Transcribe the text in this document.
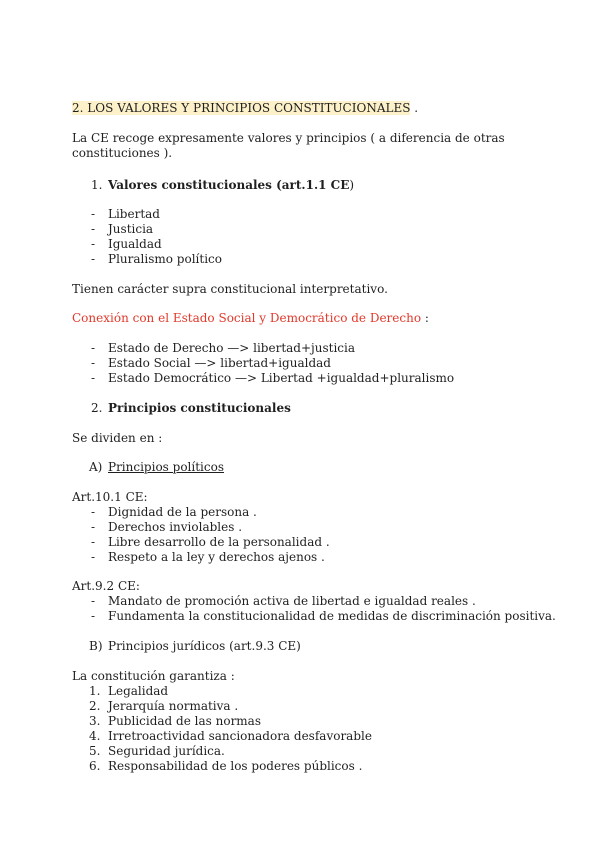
2. LOS VALORES Y PRINCIPIOS CONSTITUCIONALES .
La CE recoge expresamente valores y principios ( a diferencia de otras
constituciones ).
1. Valores constitucionales (art.1.1 CE)
- Libertad
- Justicia
- Igualdad
- Pluralismo político
Tienen carácter supra constitucional interpretativo.
Conexión con el Estado Social y Democrático de Derecho :
- Estado de Derecho —> libertad+justicia
- Estado Social —> libertad+igualdad
- Estado Democrático —> Libertad +igualdad+pluralismo
2. Principios constitucionales
Se dividen en :
A) Principios políticos
Art.10.1 CE:
- Dignidad de la persona .
- Derechos inviolables .
- Libre desarrollo de la personalidad .
- Respeto a la ley y derechos ajenos .
Art.9.2 CE:
- Mandato de promoción activa de libertad e igualdad reales .
- Fundamenta la constitucionalidad de medidas de discriminación positiva.
B) Principios jurídicos (art.9.3 CE)
La constitución garantiza :
1. Legalidad
2. Jerarquía normativa .
3. Publicidad de las normas
4. Irretroactividad sancionadora desfavorable
5. Seguridad jurídica.
6. Responsabilidad de los poderes públicos .
